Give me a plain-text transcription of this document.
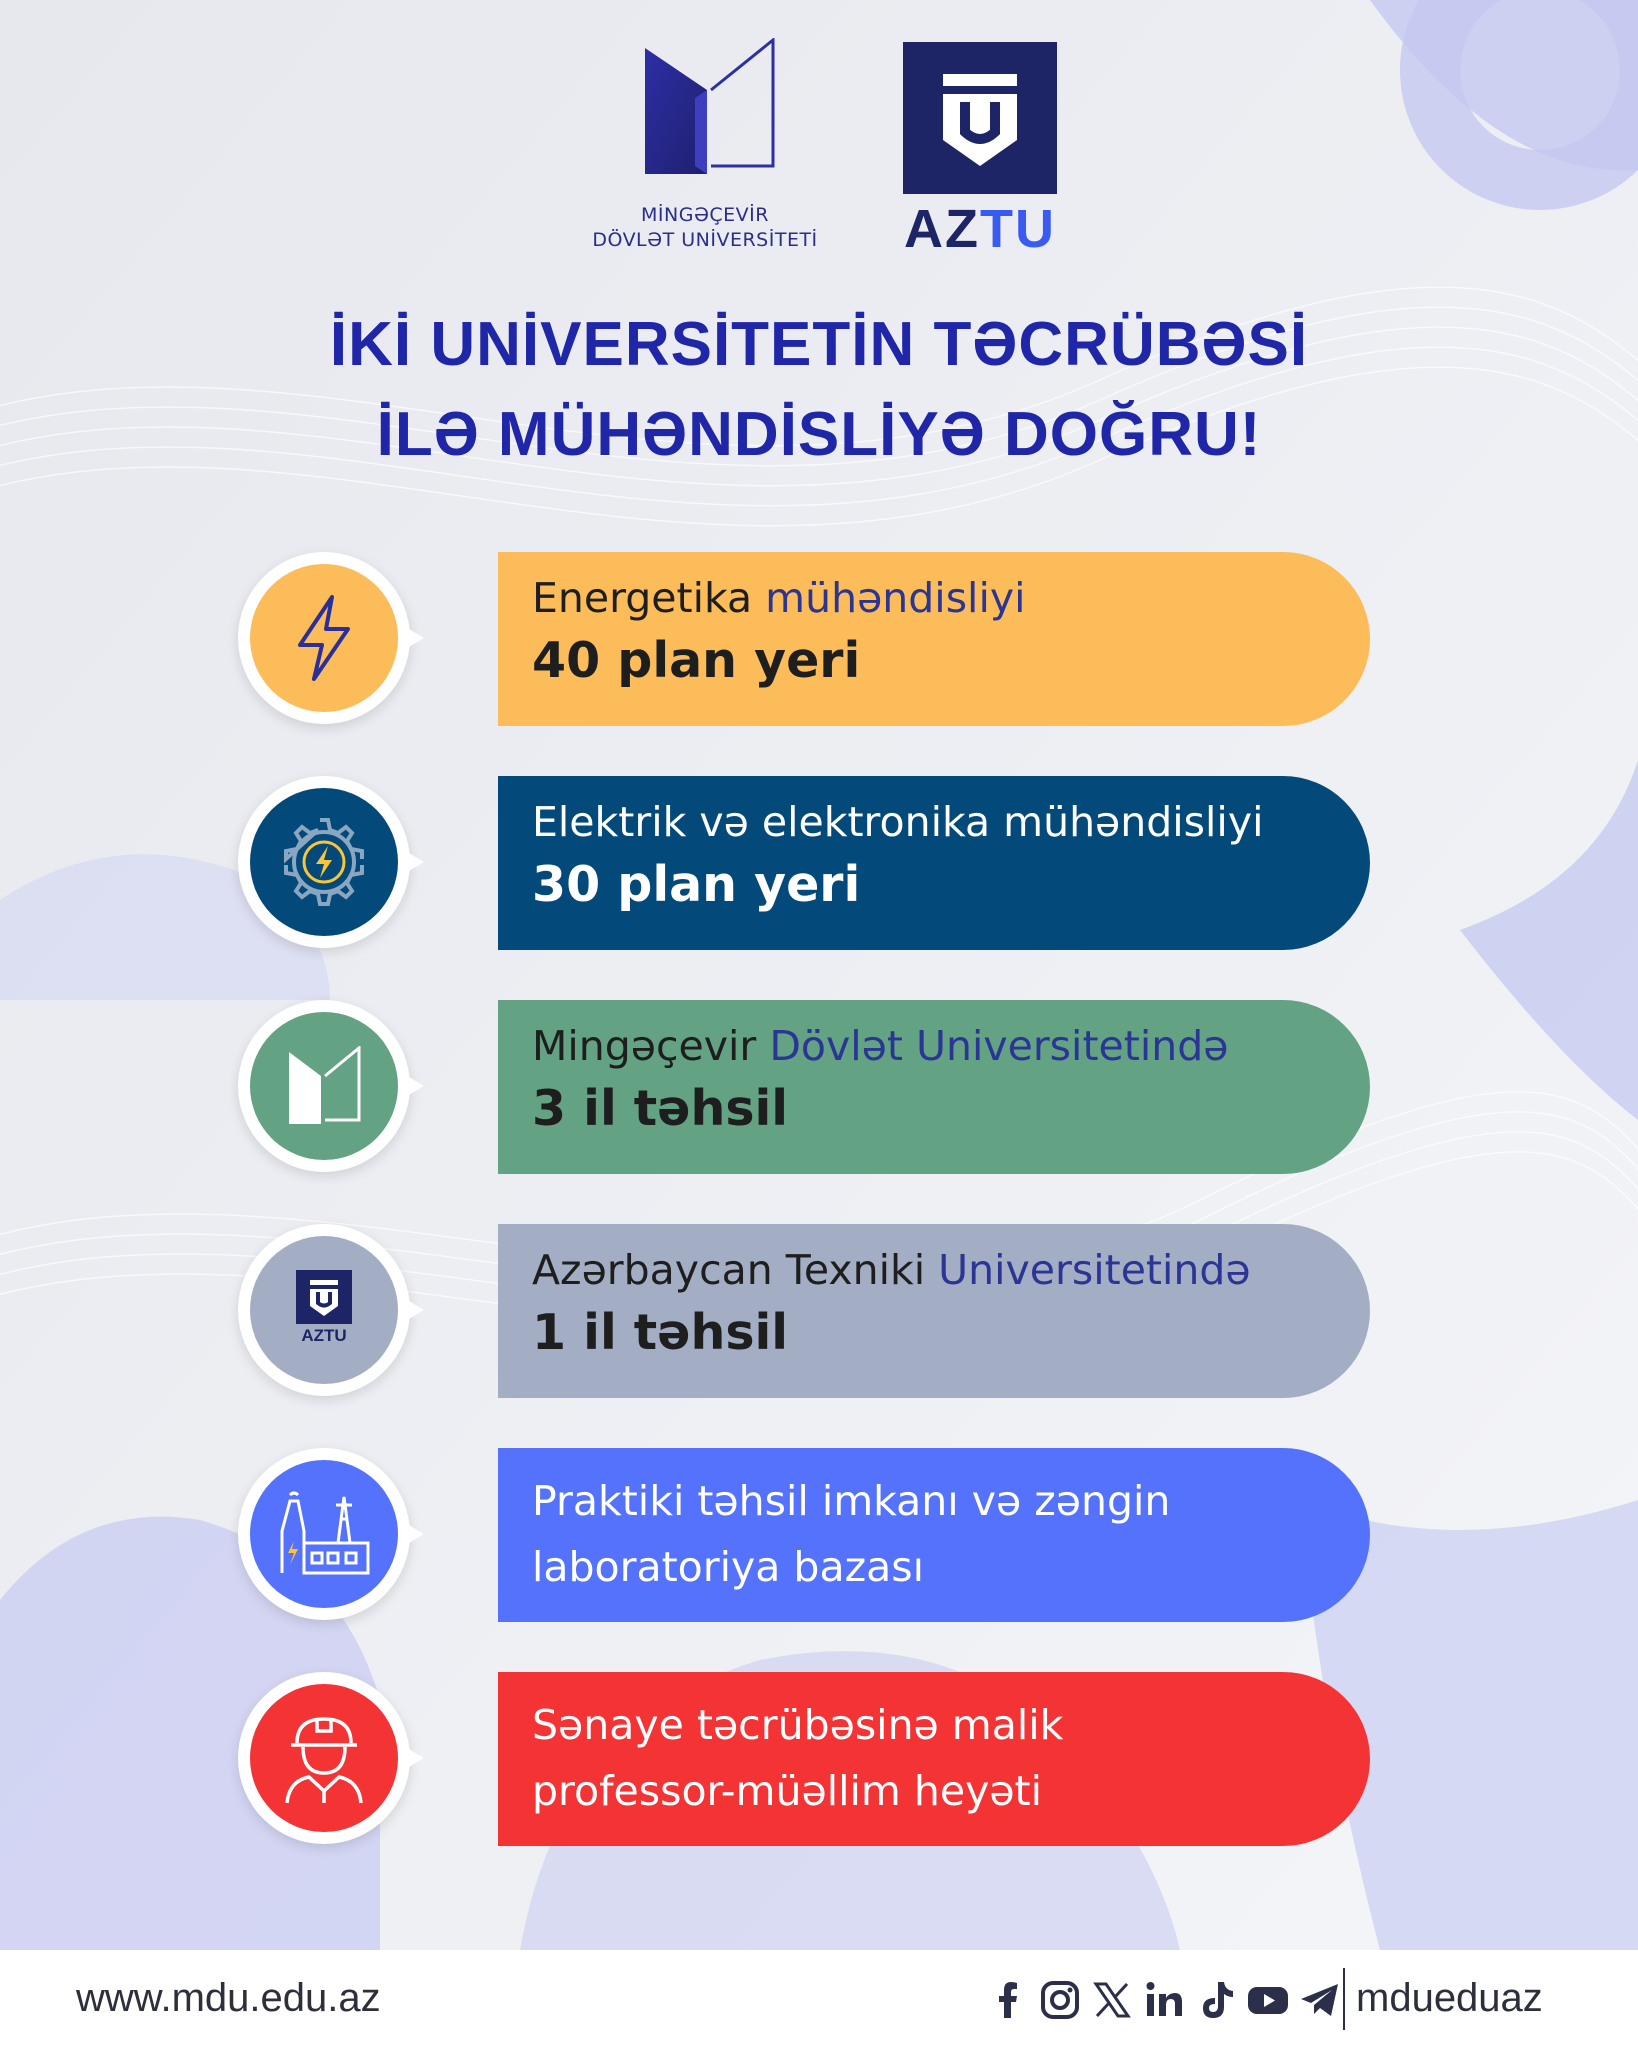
MİNGƏÇEVİR
DÖVLƏT UNİVERSİTETİ	AZTU
İKİ UNİVERSİTETİN TƏCRÜBƏSİ
İLƏ MÜHƏNDİSLİYƏ DOĞRU!
Energetika mühəndisliyi
40 plan yeri
Elektrik və elektronika mühəndisliyi
30 plan yeri
Mingəçevir Dövlət Universitetində
3 il təhsil
Azərbaycan Texniki Universitetində
1 il təhsil
AZTU
Praktiki təhsil imkanı və zəngin
laboratoriya bazası
Sənaye təcrübəsinə malik
professor-müəllim heyəti
www.mdu.edu.az	mdueduaz
